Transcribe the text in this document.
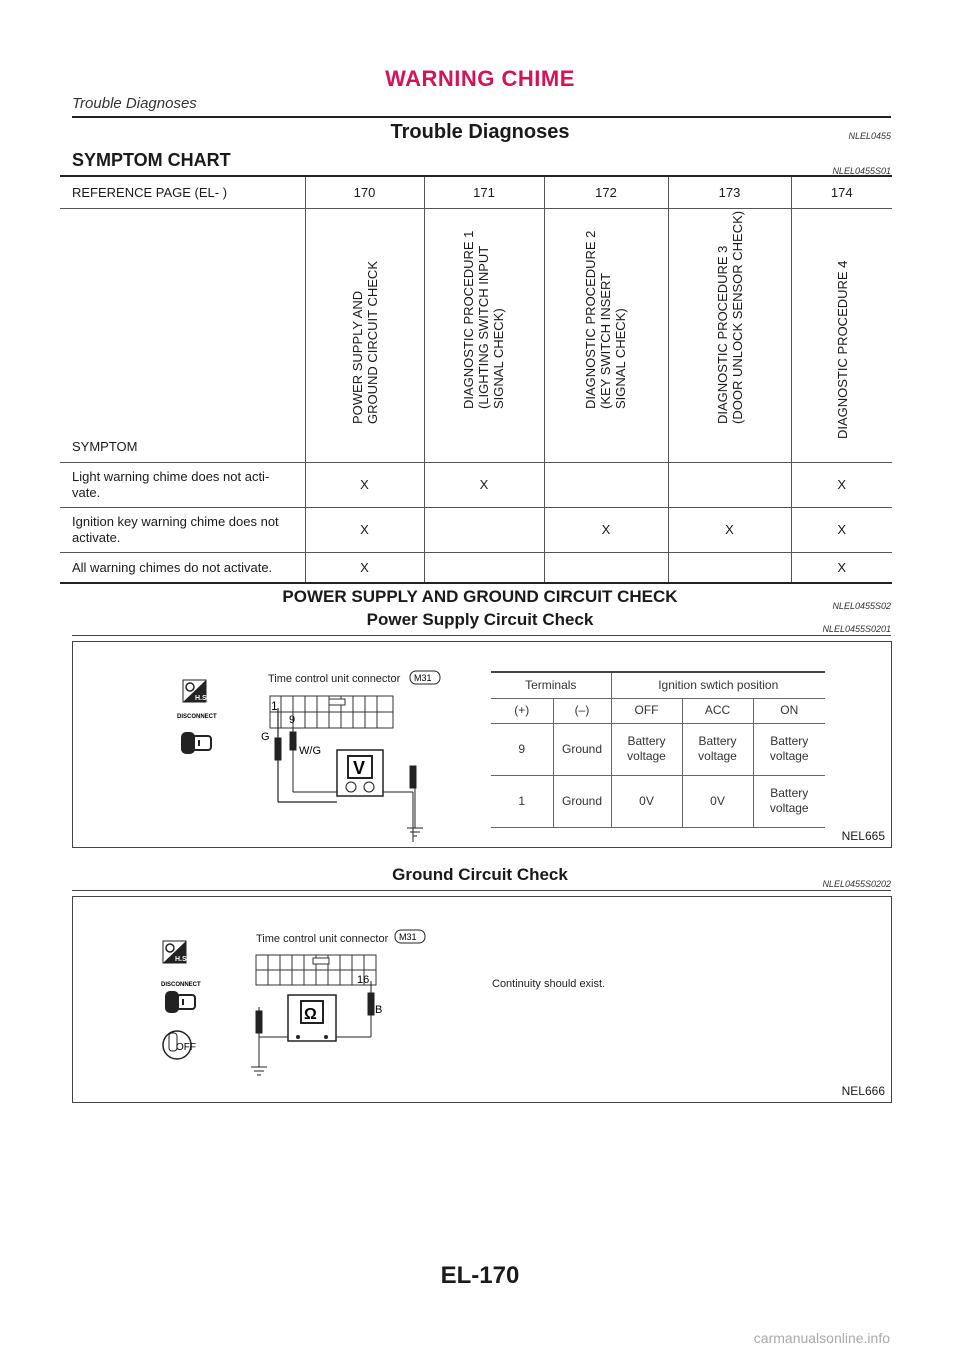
WARNING CHIME
Trouble Diagnoses
Trouble Diagnoses	NLEL0455
SYMPTOM CHART
NLEL0455S01
REFERENCE PAGE (EL- )	170	171	172	173	174
SYMPTOM	POWER SUPPLY AND
GROUND CIRCUIT CHECK	DIAGNOSTIC PROCEDURE 1
(LIGHTING SWITCH INPUT
SIGNAL CHECK)	DIAGNOSTIC PROCEDURE 2
(KEY SWITCH INSERT
SIGNAL CHECK)	DIAGNOSTIC PROCEDURE 3
(DOOR UNLOCK SENSOR CHECK)	DIAGNOSTIC PROCEDURE 4

Light warning chime does not acti-
vate.	X	X			X
Ignition key warning chime does not
activate.	X		X	X	X
All warning chimes do not activate.	X				X
POWER SUPPLY AND GROUND CIRCUIT CHECK	NLEL0455S02
Power Supply Circuit Check	NLEL0455S0201
H.S.
DISCONNECT
Time control unit connector M31
1
9
G
W/G
V
Terminals		Ignition swtich position		
(+)	(–)	OFF	ACC	ON
9	Ground	Battery
voltage	Battery
voltage	Battery
voltage
1	Ground	0V	0V	Battery
voltage
NEL665
Ground Circuit Check	NLEL0455S0202
H.S.
DISCONNECT
OFF
Time control unit connector M31
16
B
Ω
Continuity should exist.
NEL666
EL-170
carmanualsonline.info
